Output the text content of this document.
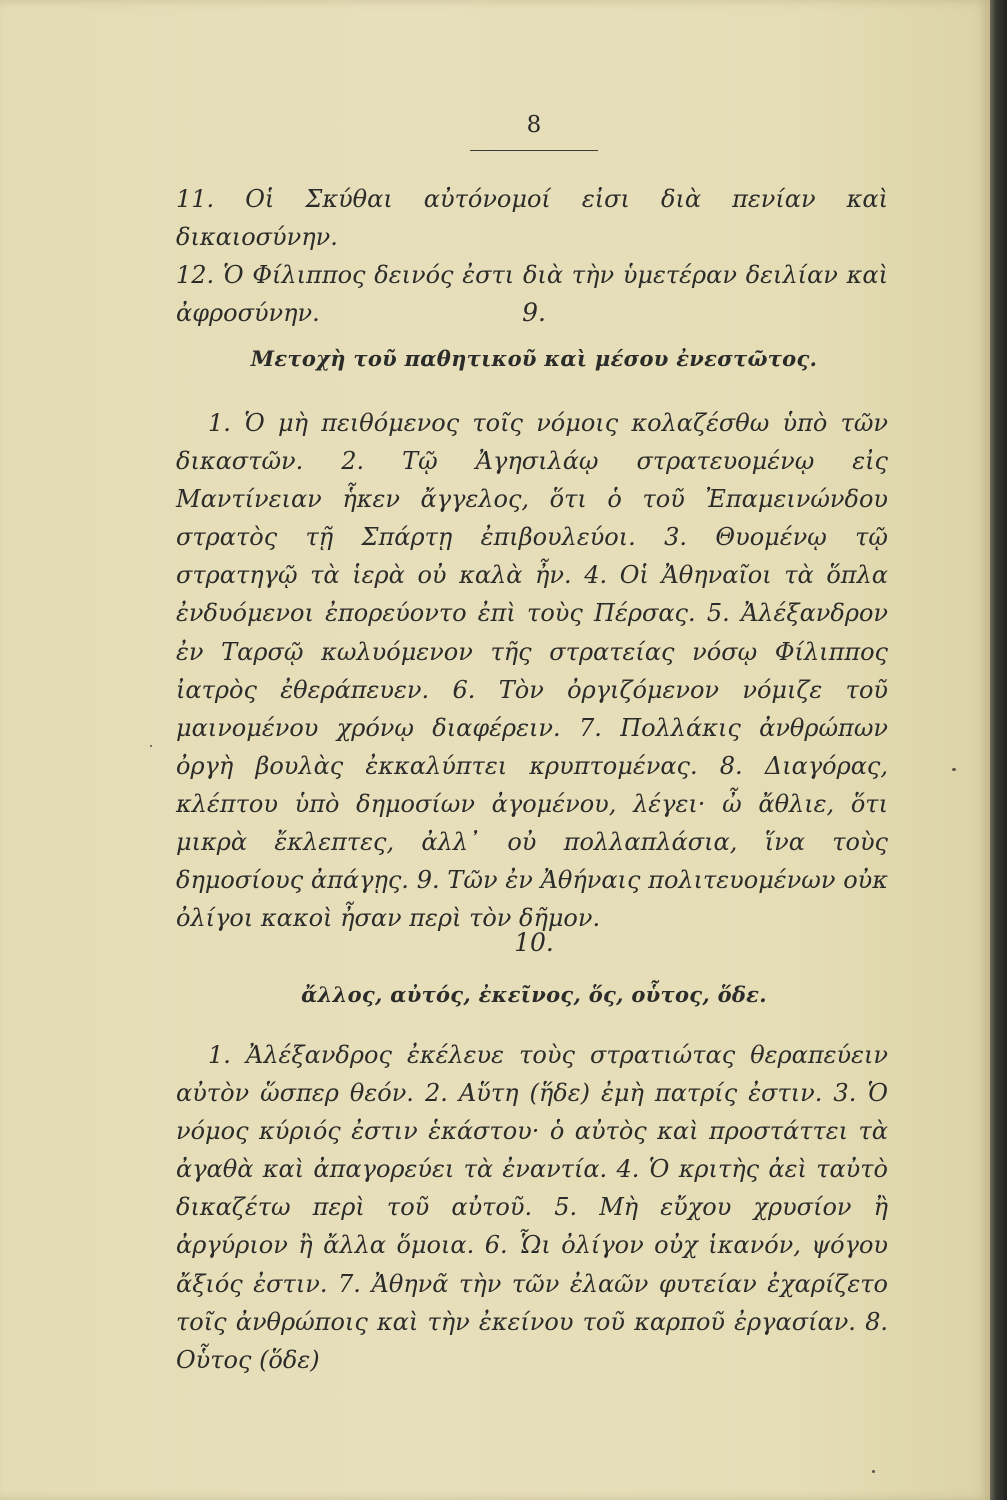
8

11. Οἱ Σκύθαι αὐτόνομοί εἰσι διὰ πενίαν καὶ δικαιοσύνην.

12. Ὁ Φίλιππος δεινός ἐστι διὰ τὴν ὑμετέραν δειλίαν καὶ ἀφροσύνην.	9.
Μετοχὴ τοῦ παθητικοῦ καὶ μέσου ἐνεστῶτος.

1. Ὁ μὴ πειθόμενος τοῖς νόμοις κολαζέσθω ὑπὸ τῶν δικαστῶν. 2. Τῷ Ἀγησιλάῳ στρατευομένῳ εἰς Μαντίνειαν ἧκεν ἄγγελος, ὅτι ὁ τοῦ Ἐπαμεινώνδου στρατὸς τῇ Σπάρτῃ ἐπιβουλεύοι. 3. Θυομένῳ τῷ στρατηγῷ τὰ ἱερὰ οὐ καλὰ ἦν. 4. Οἱ Ἀθηναῖοι τὰ ὅπλα ἐνδυόμενοι ἐπορεύοντο ἐπὶ τοὺς Πέρσας. 5. Ἀλέξανδρον ἐν Ταρσῷ κωλυόμενον τῆς στρατείας νόσῳ Φίλιππος ἰατρὸς ἐθεράπευεν. 6. Τὸν ὀργιζόμενον νόμιζε τοῦ μαινομένου χρόνῳ διαφέρειν. 7. Πολλάκις ἀνθρώπων ὀργὴ βουλὰς ἐκκαλύπτει κρυπτομένας. 8. Διαγόρας, κλέπτου ὑπὸ δημοσίων ἀγομένου, λέγει· ὦ ἄθλιε, ὅτι μικρὰ ἔκλεπτες, ἀλλ᾽ οὐ πολλαπλάσια, ἵνα τοὺς δημοσίους ἀπάγῃς. 9. Τῶν ἐν Ἀθήναις πολιτευομένων οὐκ ὀλίγοι κακοὶ ἦσαν περὶ τὸν δῆμον.

10.
ἄλλος, αὐτός, ἐκεῖνος, ὅς, οὗτος, ὅδε.

1. Ἀλέξανδρος ἐκέλευε τοὺς στρατιώτας θεραπεύειν αὐτὸν ὥσπερ θεόν. 2. Αὕτη (ἥδε) ἐμὴ πατρίς ἐστιν. 3. Ὁ νόμος κύριός ἐστιν ἑκάστου· ὁ αὐτὸς καὶ προστάττει τὰ ἀγαθὰ καὶ ἀπαγορεύει τὰ ἐναντία. 4. Ὁ κριτὴς ἀεὶ ταὐτὸ δικαζέτω περὶ τοῦ αὐτοῦ. 5. Μὴ εὔχου χρυσίον ἢ ἀργύριον ἢ ἄλλα ὅμοια. 6. Ὧι ὀλίγον οὐχ ἱκανόν, ψόγου ἄξιός ἐστιν. 7. Ἀθηνᾶ τὴν τῶν ἐλαῶν φυτείαν ἐχαρίζετο τοῖς ἀνθρώποις καὶ τὴν ἐκείνου τοῦ καρποῦ ἐργασίαν. 8. Οὗτος (ὅδε)
